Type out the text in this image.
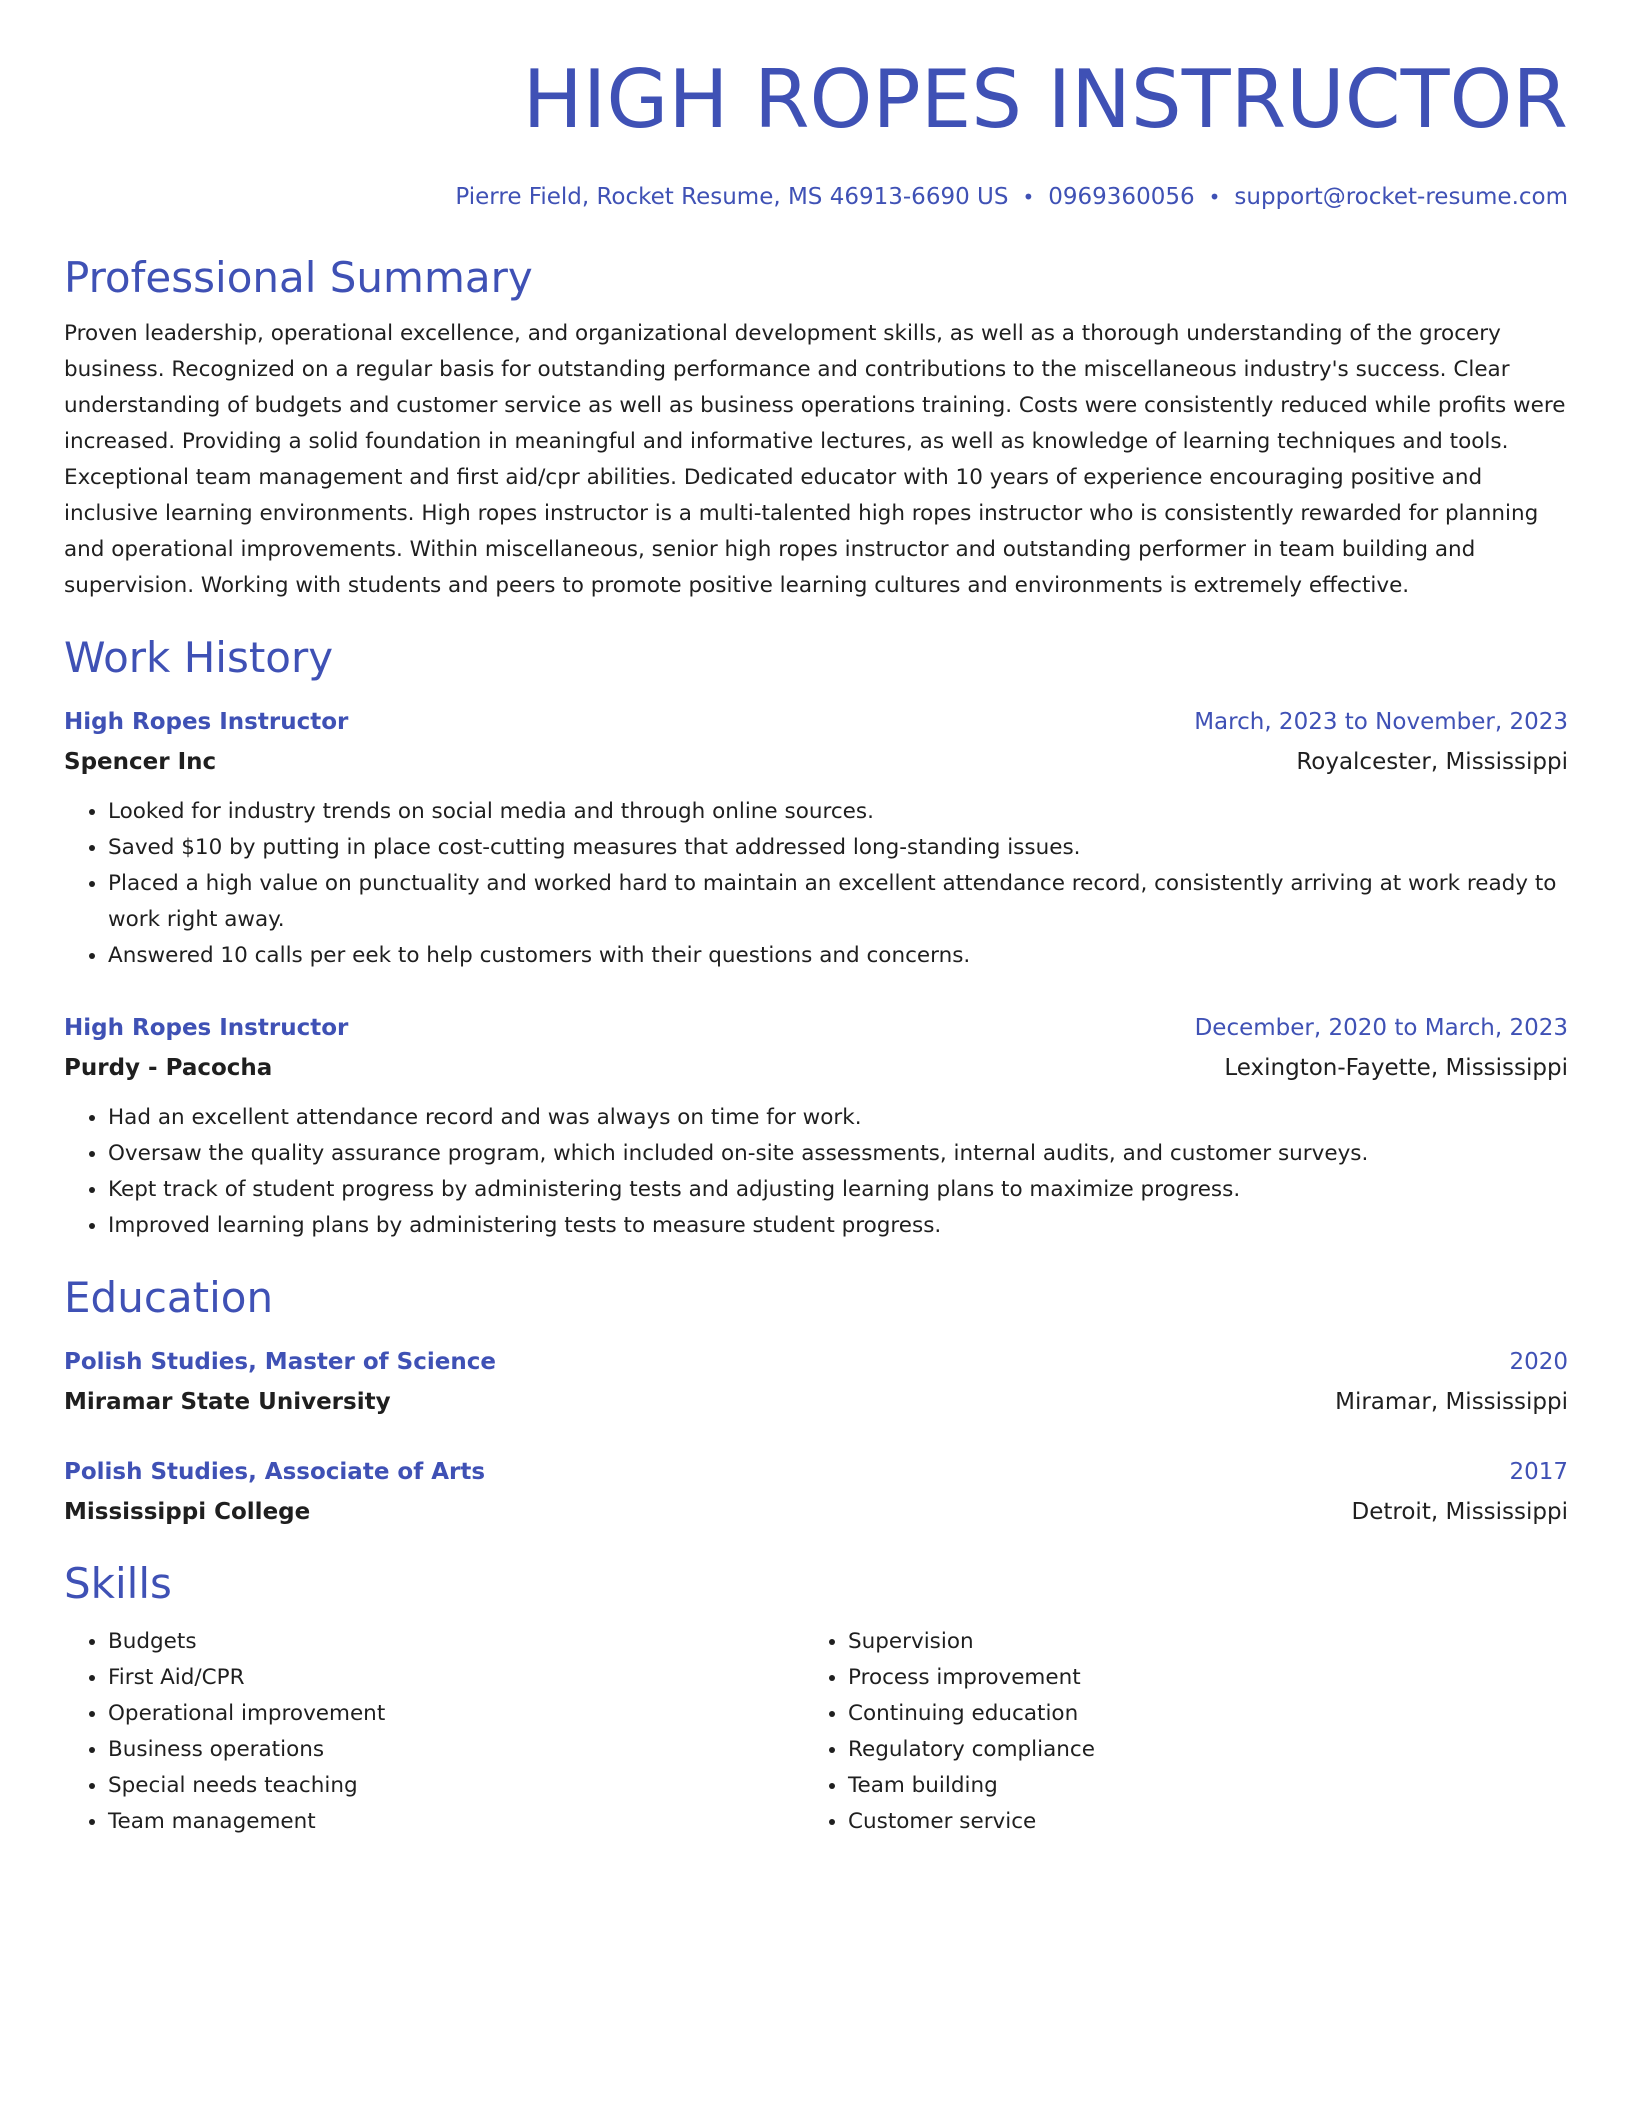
HIGH ROPES INSTRUCTOR
Pierre Field, Rocket Resume, MS 46913-6690 US • 0969360056 • support@rocket-resume.com
Professional Summary
Proven leadership, operational excellence, and organizational development skills, as well as a thorough understanding of the grocery business. Recognized on a regular basis for outstanding performance and contributions to the miscellaneous industry's success. Clear understanding of budgets and customer service as well as business operations training. Costs were consistently reduced while profits were increased. Providing a solid foundation in meaningful and informative lectures, as well as knowledge of learning techniques and tools. Exceptional team management and first aid/cpr abilities. Dedicated educator with 10 years of experience encouraging positive and inclusive learning environments. High ropes instructor is a multi-talented high ropes instructor who is consistently rewarded for planning and operational improvements. Within miscellaneous, senior high ropes instructor and outstanding performer in team building and supervision. Working with students and peers to promote positive learning cultures and environments is extremely effective.
Work History
High Ropes Instructor	March, 2023 to November, 2023
Spencer Inc	Royalcester, Mississippi
• Looked for industry trends on social media and through online sources.
• Saved $10 by putting in place cost-cutting measures that addressed long-standing issues.
• Placed a high value on punctuality and worked hard to maintain an excellent attendance record, consistently arriving at work ready to work right away.
• Answered 10 calls per eek to help customers with their questions and concerns.
High Ropes Instructor	December, 2020 to March, 2023
Purdy - Pacocha	Lexington-Fayette, Mississippi
• Had an excellent attendance record and was always on time for work.
• Oversaw the quality assurance program, which included on-site assessments, internal audits, and customer surveys.
• Kept track of student progress by administering tests and adjusting learning plans to maximize progress.
• Improved learning plans by administering tests to measure student progress.
Education
Polish Studies, Master of Science	2020
Miramar State University	Miramar, Mississippi
Polish Studies, Associate of Arts	2017
Mississippi College	Detroit, Mississippi
Skills
• Budgets
• First Aid/CPR
• Operational improvement
• Business operations
• Special needs teaching
• Team management
• Supervision
• Process improvement
• Continuing education
• Regulatory compliance
• Team building
• Customer service
